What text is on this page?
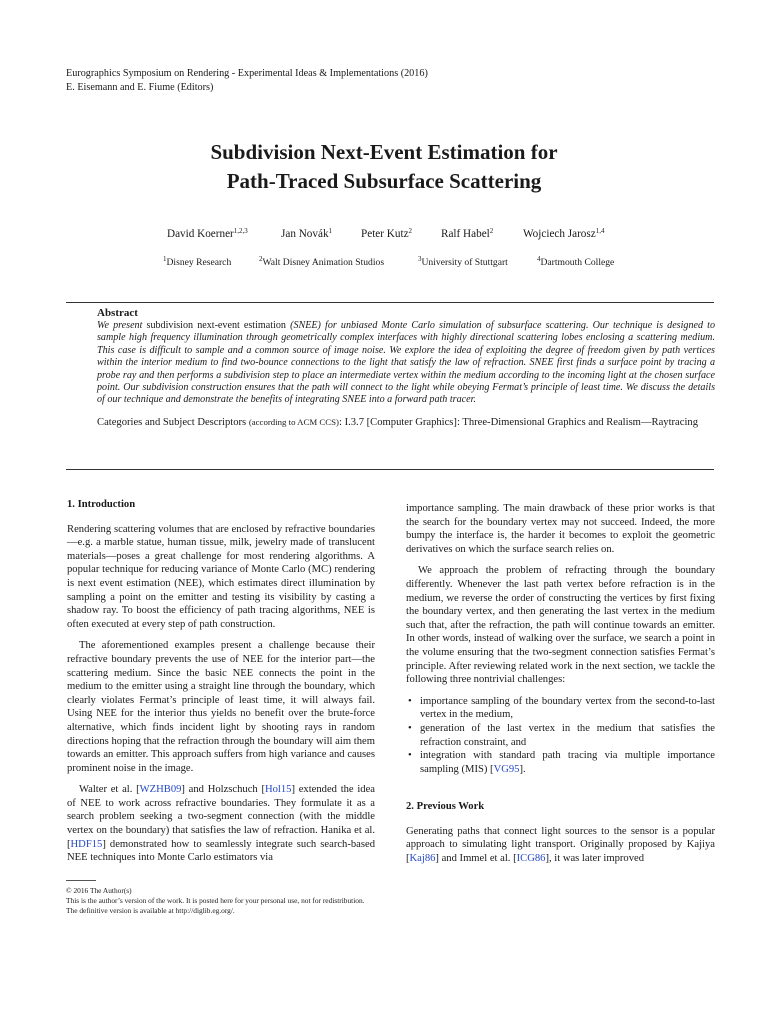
Eurographics Symposium on Rendering - Experimental Ideas & Implementations (2016)
E. Eisemann and E. Fiume (Editors)
Subdivision Next-Event Estimation for
Path-Traced Subsurface Scattering
David Koerner$^{1,2,3}$	Jan Novák$^1$	Peter Kutz$^2$	Ralf Habel$^2$	Wojciech Jarosz$^{1,4}$
$^1$Disney Research	$^2$Walt Disney Animation Studios	$^3$University of Stuttgart	$^4$Dartmouth College
Abstract
We present subdivision next-event estimation (SNEE) for unbiased Monte Carlo simulation of subsurface scattering. Our technique is designed to sample high frequency illumination through geometrically complex interfaces with highly directional scattering lobes enclosing a scattering medium. This case is difficult to sample and a common source of image noise. We explore the idea of exploiting the degree of freedom given by path vertices within the interior medium to find two-bounce connections to the light that satisfy the law of refraction. SNEE first finds a surface point by tracing a probe ray and then performs a subdivision step to place an intermediate vertex within the medium according to the incoming light at the chosen surface point. Our subdivision construction ensures that the path will connect to the light while obeying Fermat’s principle of least time. We discuss the details of our technique and demonstrate the benefits of integrating SNEE into a forward path tracer.
Categories and Subject Descriptors (according to ACM CCS): I.3.7 [Computer Graphics]: Three-Dimensional Graphics and Realism—Raytracing
1. Introduction

Rendering scattering volumes that are enclosed by refractive boundaries—e.g. a marble statue, human tissue, milk, jewelry made of translucent materials—poses a great challenge for most rendering algorithms. A popular technique for reducing variance of Monte Carlo (MC) rendering is next event estimation (NEE), which estimates direct illumination by sampling a point on the emitter and testing its visibility by casting a shadow ray. To boost the efficiency of path tracing algorithms, NEE is often executed at every step of path construction.

The aforementioned examples present a challenge because their refractive boundary prevents the use of NEE for the interior part—the scattering medium. Since the basic NEE connects the point in the medium to the emitter using a straight line through the boundary, which clearly violates Fermat’s principle of least time, it will always fail. Using NEE for the interior thus yields no benefit over the brute-force alternative, which finds incident light by shooting rays in random directions hoping that the refraction through the boundary will aim them towards an emitter. This approach suffers from high variance and causes prominent noise in the image.

Walter et al. [WZHB09] and Holzschuch [Hol15] extended the idea of NEE to work across refractive boundaries. They formulate it as a search problem seeking a two-segment connection (with the middle vertex on the boundary) that satisfies the law of refraction. Hanika et al. [HDF15] demonstrated how to seamlessly integrate such search-based NEE techniques into Monte Carlo estimators via

importance sampling. The main drawback of these prior works is that the search for the boundary vertex may not succeed. Indeed, the more bumpy the interface is, the harder it becomes to exploit the geometric derivatives on which the surface search relies on.

We approach the problem of refracting through the boundary differently. Whenever the last path vertex before refraction is in the medium, we reverse the order of constructing the vertices by first fixing the boundary vertex, and then generating the last vertex in the medium such that, after the refraction, the path will continue towards an emitter. In other words, instead of walking over the surface, we search a point in the volume ensuring that the two-segment connection satisfies Fermat’s principle. After reviewing related work in the next section, we tackle the following three nontrivial challenges:

• importance sampling of the boundary vertex from the second-to-last vertex in the medium,
• generation of the last vertex in the medium that satisfies the refraction constraint, and
• integration with standard path tracing via multiple importance sampling (MIS) [VG95].
2. Previous Work

Generating paths that connect light sources to the sensor is a popular approach to simulating light transport. Originally proposed by Kajiya [Kaj86] and Immel et al. [ICG86], it was later improved

© 2016 The Author(s)
This is the author’s version of the work. It is posted here for your personal use, not for redistribution. The definitive version is available at http://diglib.eg.org/.
